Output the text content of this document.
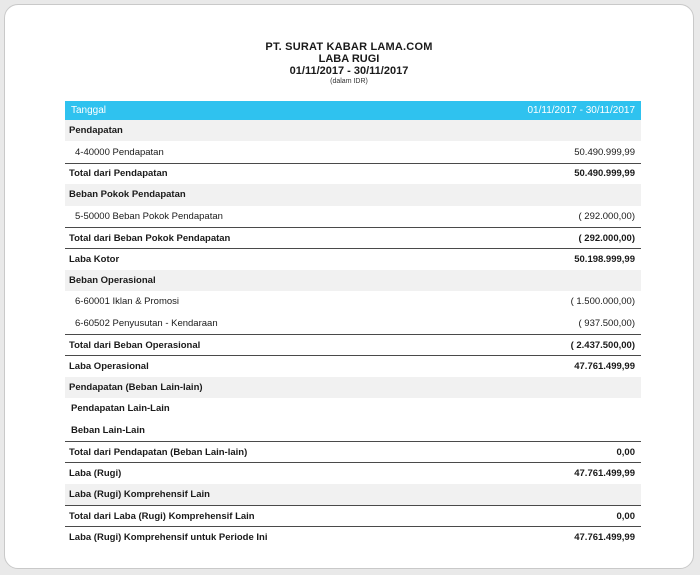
PT. SURAT KABAR LAMA.COM
LABA RUGI
01/11/2017 - 30/11/2017
(dalam IDR)
Tanggal	01/11/2017 - 30/11/2017
Pendapatan
4-40000 Pendapatan	50.490.999,99
Total dari Pendapatan	50.490.999,99
Beban Pokok Pendapatan
5-50000 Beban Pokok Pendapatan	( 292.000,00)
Total dari Beban Pokok Pendapatan	( 292.000,00)
Laba Kotor	50.198.999,99
Beban Operasional
6-60001 Iklan & Promosi	( 1.500.000,00)
6-60502 Penyusutan - Kendaraan	( 937.500,00)
Total dari Beban Operasional	( 2.437.500,00)
Laba Operasional	47.761.499,99
Pendapatan (Beban Lain-lain)
Pendapatan Lain-Lain
Beban Lain-Lain
Total dari Pendapatan (Beban Lain-lain)	0,00
Laba (Rugi)	47.761.499,99
Laba (Rugi) Komprehensif Lain
Total dari Laba (Rugi) Komprehensif Lain	0,00
Laba (Rugi) Komprehensif untuk Periode Ini	47.761.499,99
